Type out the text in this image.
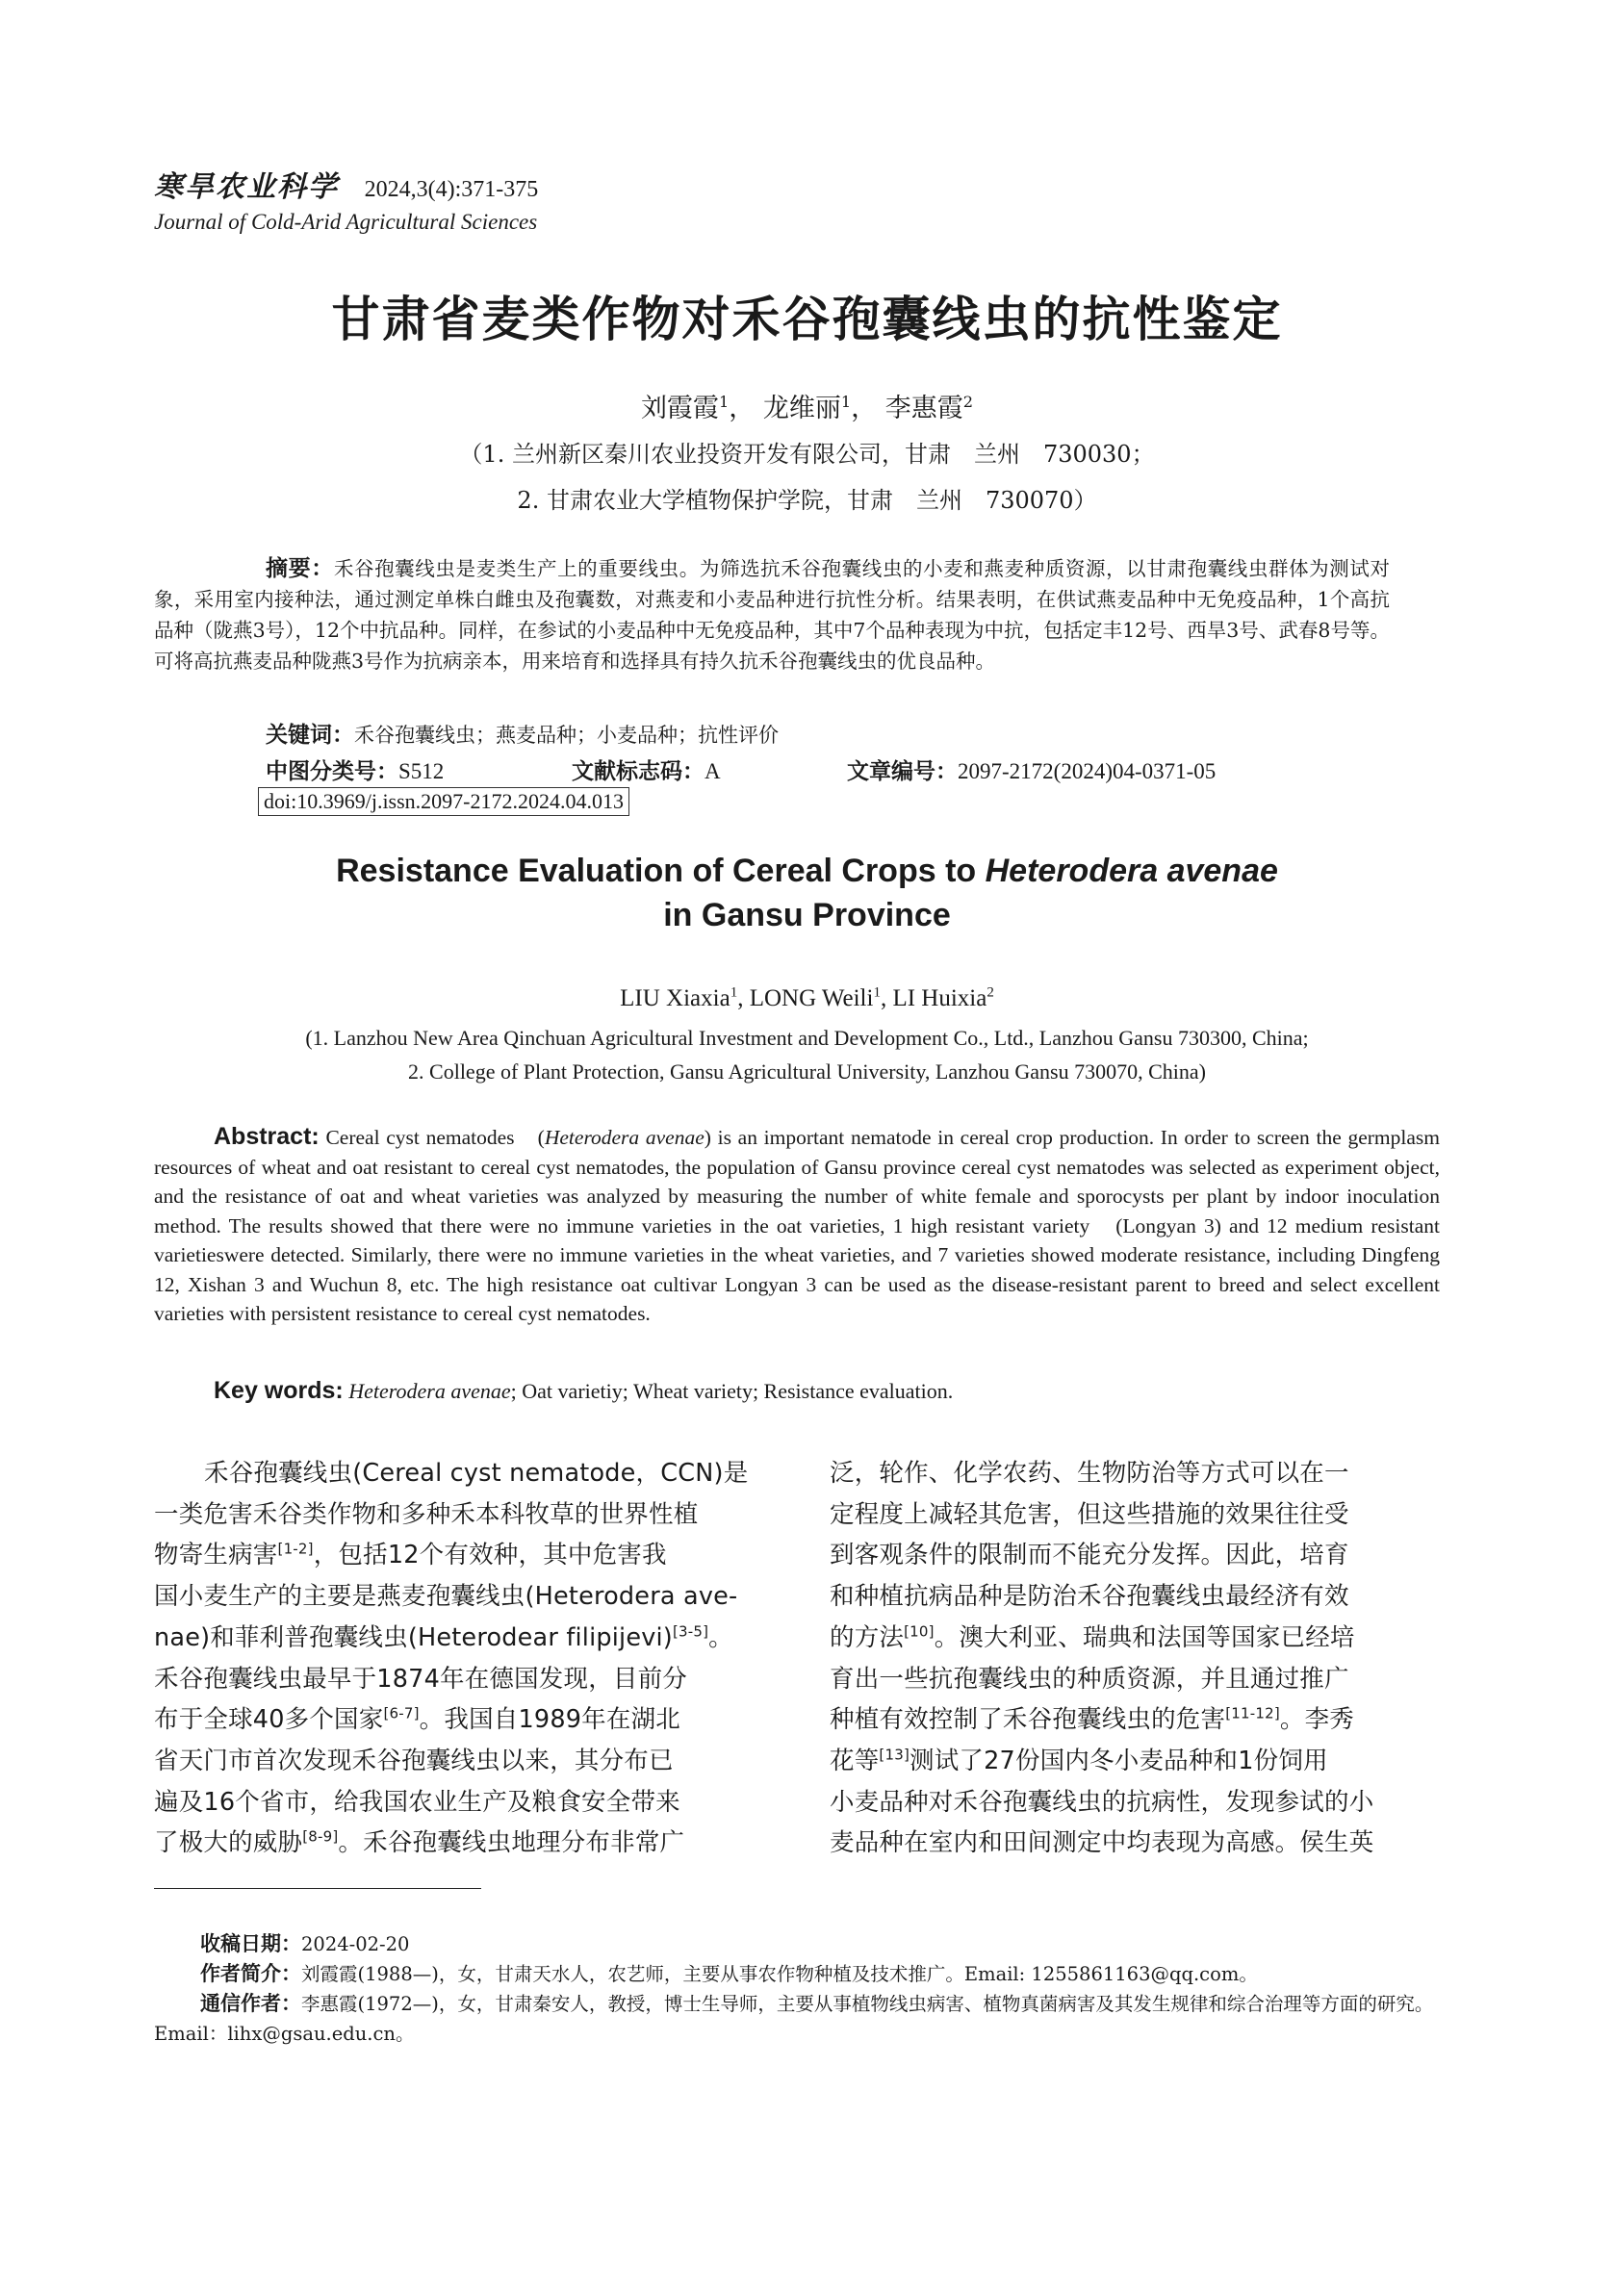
寒旱农业科学 2024,3(4):371-375
Journal of Cold-Arid Agricultural Sciences
甘肃省麦类作物对禾谷孢囊线虫的抗性鉴定
刘霞霞$^1$， 龙维丽$^1$， 李惠霞$^2$
（1. 兰州新区秦川农业投资开发有限公司，甘肃　兰州　730030；
2. 甘肃农业大学植物保护学院，甘肃　兰州　730070）
摘要：禾谷孢囊线虫是麦类生产上的重要线虫。为筛选抗禾谷孢囊线虫的小麦和燕麦种质资源，以甘肃孢囊线虫群体为测试对象，采用室内接种法，通过测定单株白雌虫及孢囊数，对燕麦和小麦品种进行抗性分析。结果表明，在供试燕麦品种中无免疫品种，1个高抗品种（陇燕3号），12个中抗品种。同样，在参试的小麦品种中无免疫品种，其中7个品种表现为中抗，包括定丰12号、西旱3号、武春8号等。可将高抗燕麦品种陇燕3号作为抗病亲本，用来培育和选择具有持久抗禾谷孢囊线虫的优良品种。
关键词：禾谷孢囊线虫；燕麦品种；小麦品种；抗性评价
中图分类号：S512	文献标志码：A	文章编号：2097-2172(2024)04-0371-05
doi:10.3969/j.issn.2097-2172.2024.04.013
Resistance Evaluation of Cereal Crops to Heterodera avenae
in Gansu Province
LIU Xiaxia$^1$, LONG Weili$^1$, LI Huixia$^2$
(1. Lanzhou New Area Qinchuan Agricultural Investment and Development Co., Ltd., Lanzhou Gansu 730300, China;
2. College of Plant Protection, Gansu Agricultural University, Lanzhou Gansu 730070, China)
Abstract: Cereal cyst nematodes　(Heterodera avenae) is an important nematode in cereal crop production. In order to screen the germplasm resources of wheat and oat resistant to cereal cyst nematodes, the population of Gansu province cereal cyst nematodes was selected as experiment object, and the resistance of oat and wheat varieties was analyzed by measuring the number of white female and sporocysts per plant by indoor inoculation method. The results showed that there were no immune varieties in the oat varieties, 1 high resistant variety　(Longyan 3) and 12 medium resistant varietieswere detected. Similarly, there were no immune varieties in the wheat varieties, and 7 varieties showed moderate resistance, including Dingfeng 12, Xishan 3 and Wuchun 8, etc. The high resistance oat cultivar Longyan 3 can be used as the disease-resistant parent to breed and select excellent varieties with persistent resistance to cereal cyst nematodes.
Key words: Heterodera avenae; Oat varietiy; Wheat variety; Resistance evaluation.
禾谷孢囊线虫(Cereal cyst nematode，CCN)是
一类危害禾谷类作物和多种禾本科牧草的世界性植
物寄生病害[1-2]，包括12个有效种，其中危害我
国小麦生产的主要是燕麦孢囊线虫(Heterodera ave-
nae)和菲利普孢囊线虫(Heterodear filipijevi)[3-5]。
禾谷孢囊线虫最早于1874年在德国发现，目前分
布于全球40多个国家[6-7]。我国自1989年在湖北
省天门市首次发现禾谷孢囊线虫以来，其分布已
遍及16个省市，给我国农业生产及粮食安全带来
了极大的威胁[8-9]。禾谷孢囊线虫地理分布非常广
泛，轮作、化学农药、生物防治等方式可以在一
定程度上减轻其危害，但这些措施的效果往往受
到客观条件的限制而不能充分发挥。因此，培育
和种植抗病品种是防治禾谷孢囊线虫最经济有效
的方法[10]。澳大利亚、瑞典和法国等国家已经培
育出一些抗孢囊线虫的种质资源，并且通过推广
种植有效控制了禾谷孢囊线虫的危害[11-12]。李秀
花等[13]测试了27份国内冬小麦品种和1份饲用
小麦品种对禾谷孢囊线虫的抗病性，发现参试的小
麦品种在室内和田间测定中均表现为高感。侯生英
收稿日期：2024-02-20
作者简介：刘霞霞(1988—)，女，甘肃天水人，农艺师，主要从事农作物种植及技术推广。Email: 1255861163@qq.com。
通信作者：李惠霞(1972—)，女，甘肃秦安人，教授，博士生导师，主要从事植物线虫病害、植物真菌病害及其发生规律和综合治理等方面的研究。Email：lihx@gsau.edu.cn。
